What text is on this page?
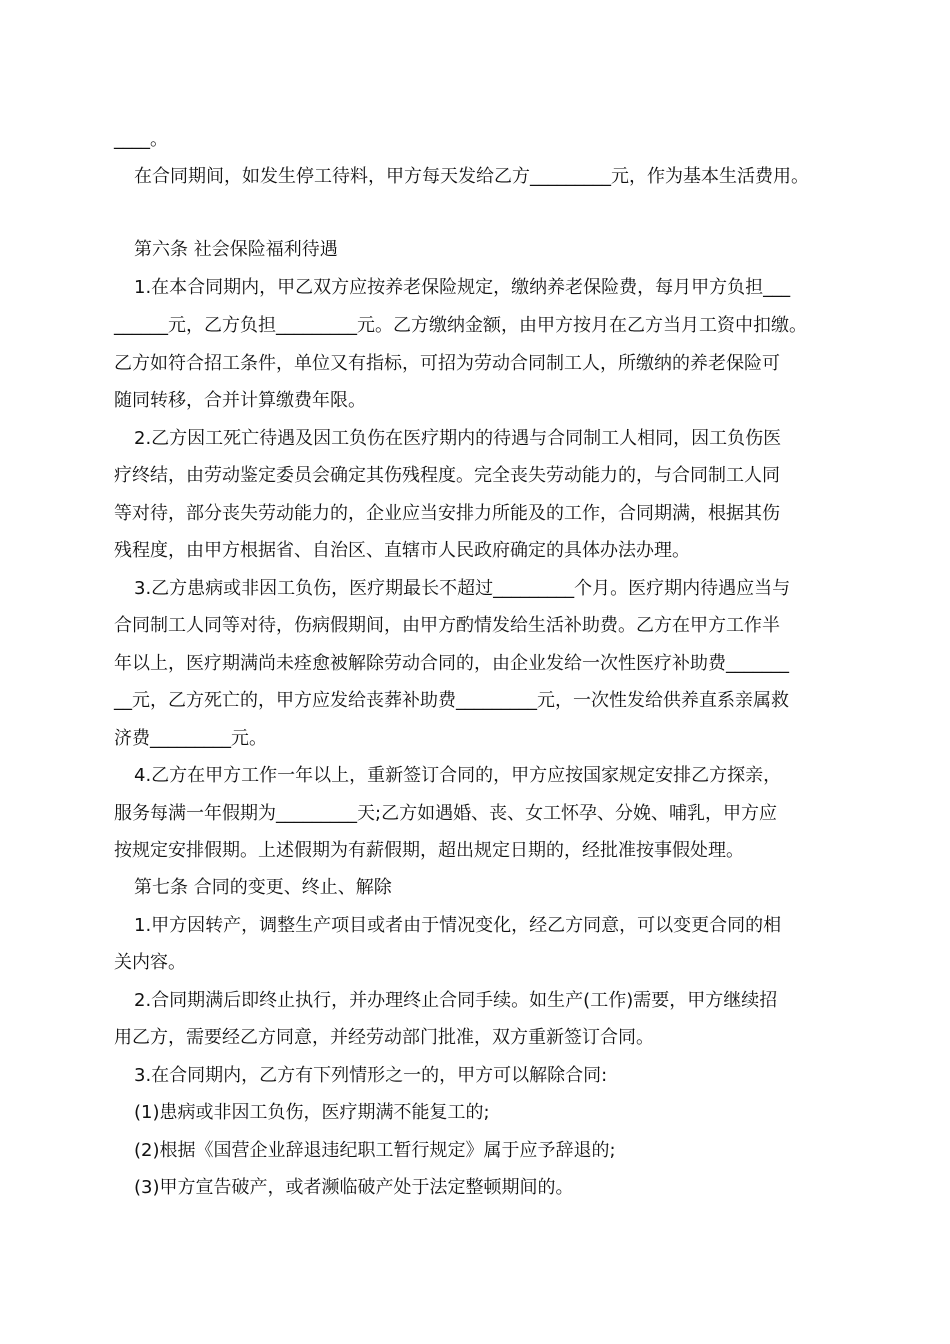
____。
在合同期间，如发生停工待料，甲方每天发给乙方_________元，作为基本生活费用。
第六条 社会保险福利待遇
1.在本合同期内，甲乙双方应按养老保险规定，缴纳养老保险费，每月甲方负担___
______元，乙方负担_________元。乙方缴纳金额，由甲方按月在乙方当月工资中扣缴。
乙方如符合招工条件，单位又有指标，可招为劳动合同制工人，所缴纳的养老保险可
随同转移，合并计算缴费年限。
2.乙方因工死亡待遇及因工负伤在医疗期内的待遇与合同制工人相同，因工负伤医
疗终结，由劳动鉴定委员会确定其伤残程度。完全丧失劳动能力的，与合同制工人同
等对待，部分丧失劳动能力的，企业应当安排力所能及的工作，合同期满，根据其伤
残程度，由甲方根据省、自治区、直辖市人民政府确定的具体办法办理。
3.乙方患病或非因工负伤，医疗期最长不超过_________个月。医疗期内待遇应当与
合同制工人同等对待，伤病假期间，由甲方酌情发给生活补助费。乙方在甲方工作半
年以上，医疗期满尚未痊愈被解除劳动合同的，由企业发给一次性医疗补助费_______
__元，乙方死亡的，甲方应发给丧葬补助费_________元，一次性发给供养直系亲属救
济费_________元。
4.乙方在甲方工作一年以上，重新签订合同的，甲方应按国家规定安排乙方探亲，
服务每满一年假期为_________天;乙方如遇婚、丧、女工怀孕、分娩、哺乳，甲方应
按规定安排假期。上述假期为有薪假期，超出规定日期的，经批准按事假处理。
第七条 合同的变更、终止、解除
1.甲方因转产，调整生产项目或者由于情况变化，经乙方同意，可以变更合同的相
关内容。
2.合同期满后即终止执行，并办理终止合同手续。如生产(工作)需要，甲方继续招
用乙方，需要经乙方同意，并经劳动部门批准，双方重新签订合同。
3.在合同期内，乙方有下列情形之一的，甲方可以解除合同:
(1)患病或非因工负伤，医疗期满不能复工的;
(2)根据《国营企业辞退违纪职工暂行规定》属于应予辞退的;
(3)甲方宣告破产，或者濒临破产处于法定整顿期间的。
